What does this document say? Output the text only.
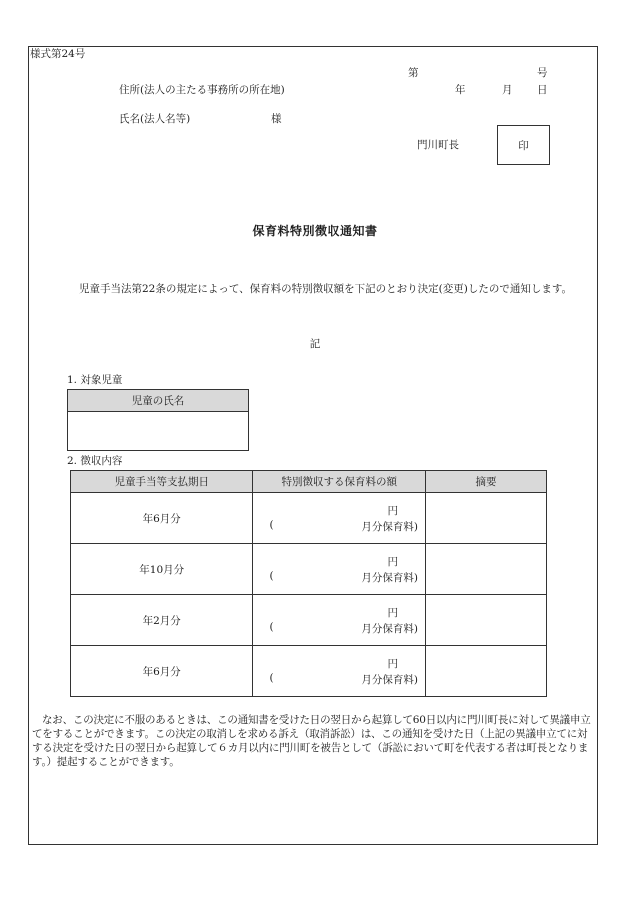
様式第24号
第	号
住所(法人の主たる事務所の所在地)	年	月 日
氏名(法人名等)	様
門川町長	印
保育料特別徴収通知書
児童手当法第22条の規定によって、保育料の特別徴収額を下記のとおり決定(変更)したので通知します。
記
1. 対象児童
児童の氏名

2. 徴収内容
児童手当等支払期日	特別徴収する保育料の額	摘要
年6月分	円
( 月分保育料)	

年10月分	円
( 月分保育料)	

年2月分	円
( 月分保育料)	

年6月分	円
( 月分保育料)	

なお、この決定に不服のあるときは、この通知書を受けた日の翌日から起算して60日以内に門川町長に対して異議申立てをすることができます。この決定の取消しを求める訴え（取消訴訟）は、この通知を受けた日（上記の異議申立てに対する決定を受けた日の翌日から起算して６カ月以内に門川町を被告として（訴訟において町を代表する者は町長となります。）提起することができます。
